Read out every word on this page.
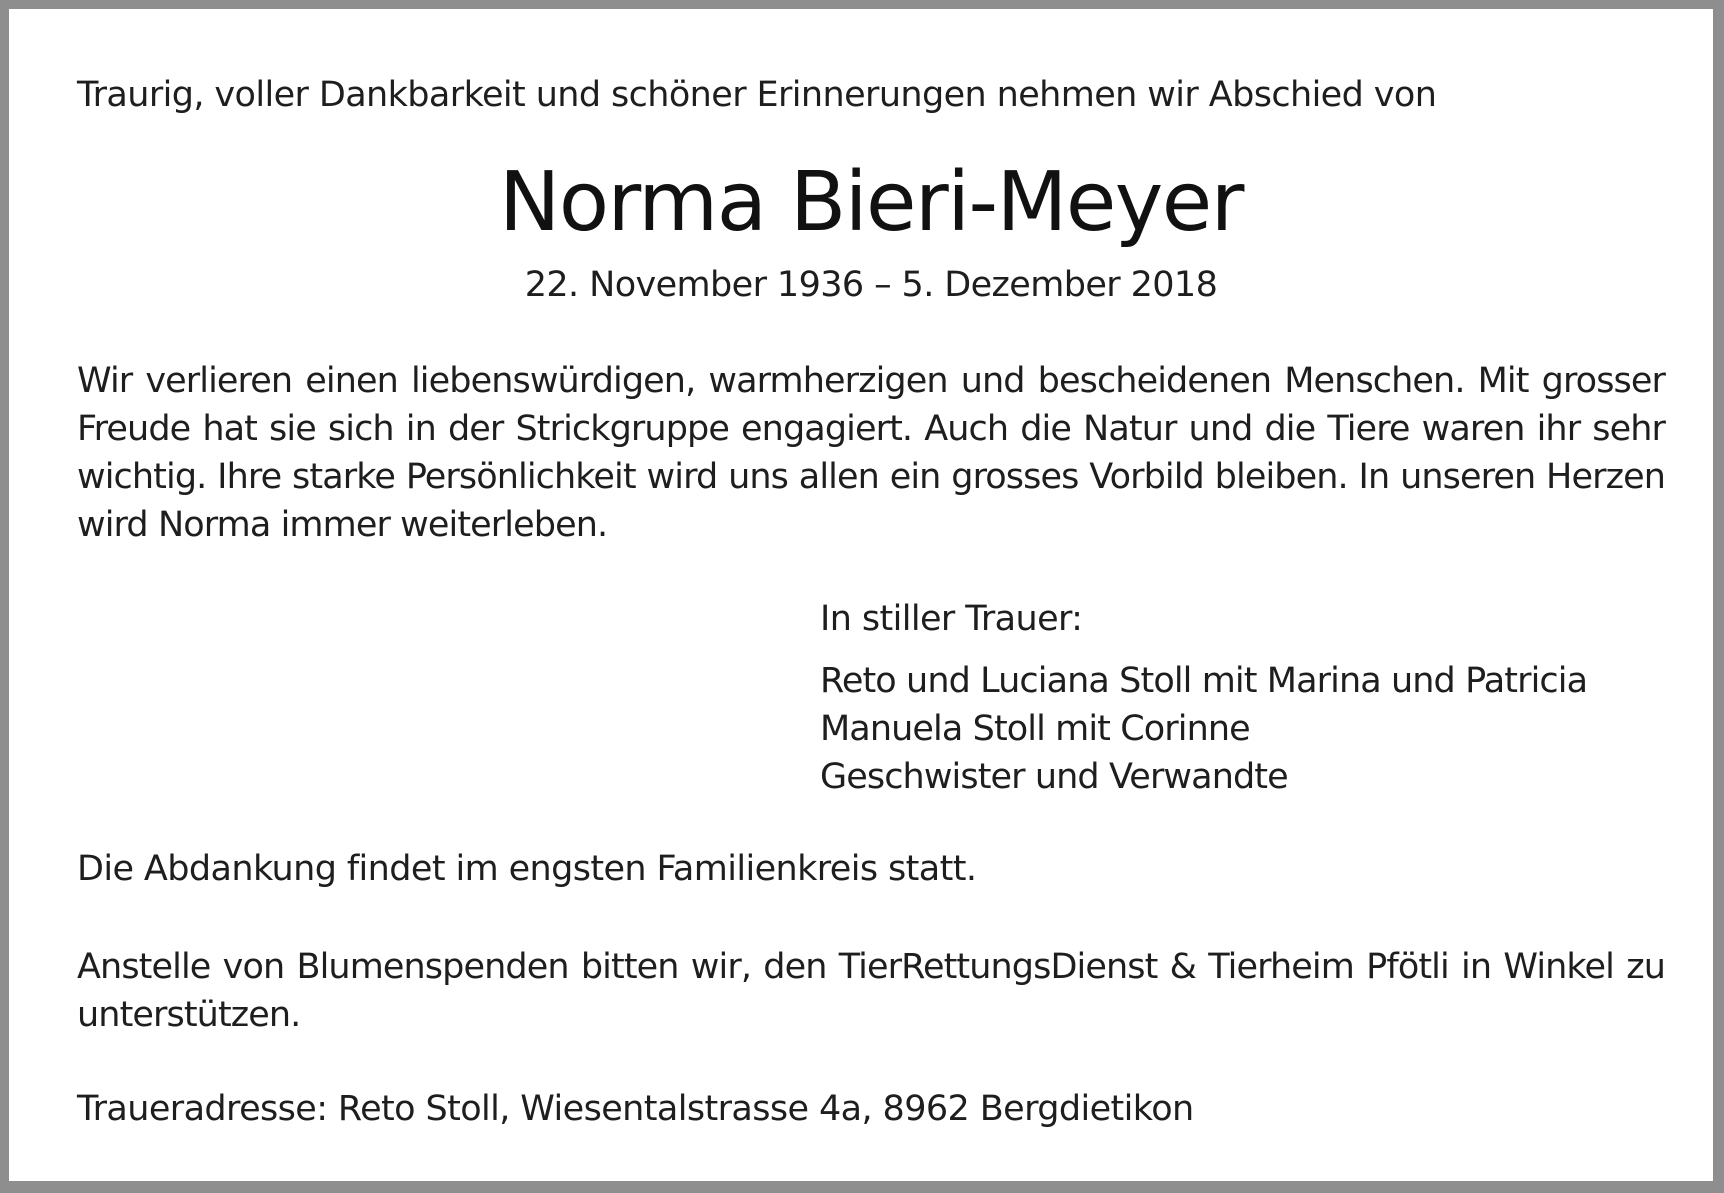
Traurig, voller Dankbarkeit und schöner Erinnerungen nehmen wir Abschied von

Norma Bieri-Meyer

22. November 1936 – 5. Dezember 2018

Wir verlieren einen liebenswürdigen, warmherzigen und bescheidenen Menschen. Mit grosser Freude hat sie sich in der Strickgruppe engagiert. Auch die Natur und die Tiere waren ihr sehr wichtig. Ihre starke Persönlichkeit wird uns allen ein grosses Vorbild bleiben. In unseren Herzen wird Norma immer weiterleben.

In stiller Trauer:

Reto und Luciana Stoll mit Marina und Patricia
Manuela Stoll mit Corinne
Geschwister und Verwandte

Die Abdankung findet im engsten Familienkreis statt.

Anstelle von Blumenspenden bitten wir, den TierRettungsDienst & Tierheim Pfötli in Winkel zu unterstützen.

Traueradresse: Reto Stoll, Wiesentalstrasse 4a, 8962 Bergdietikon
